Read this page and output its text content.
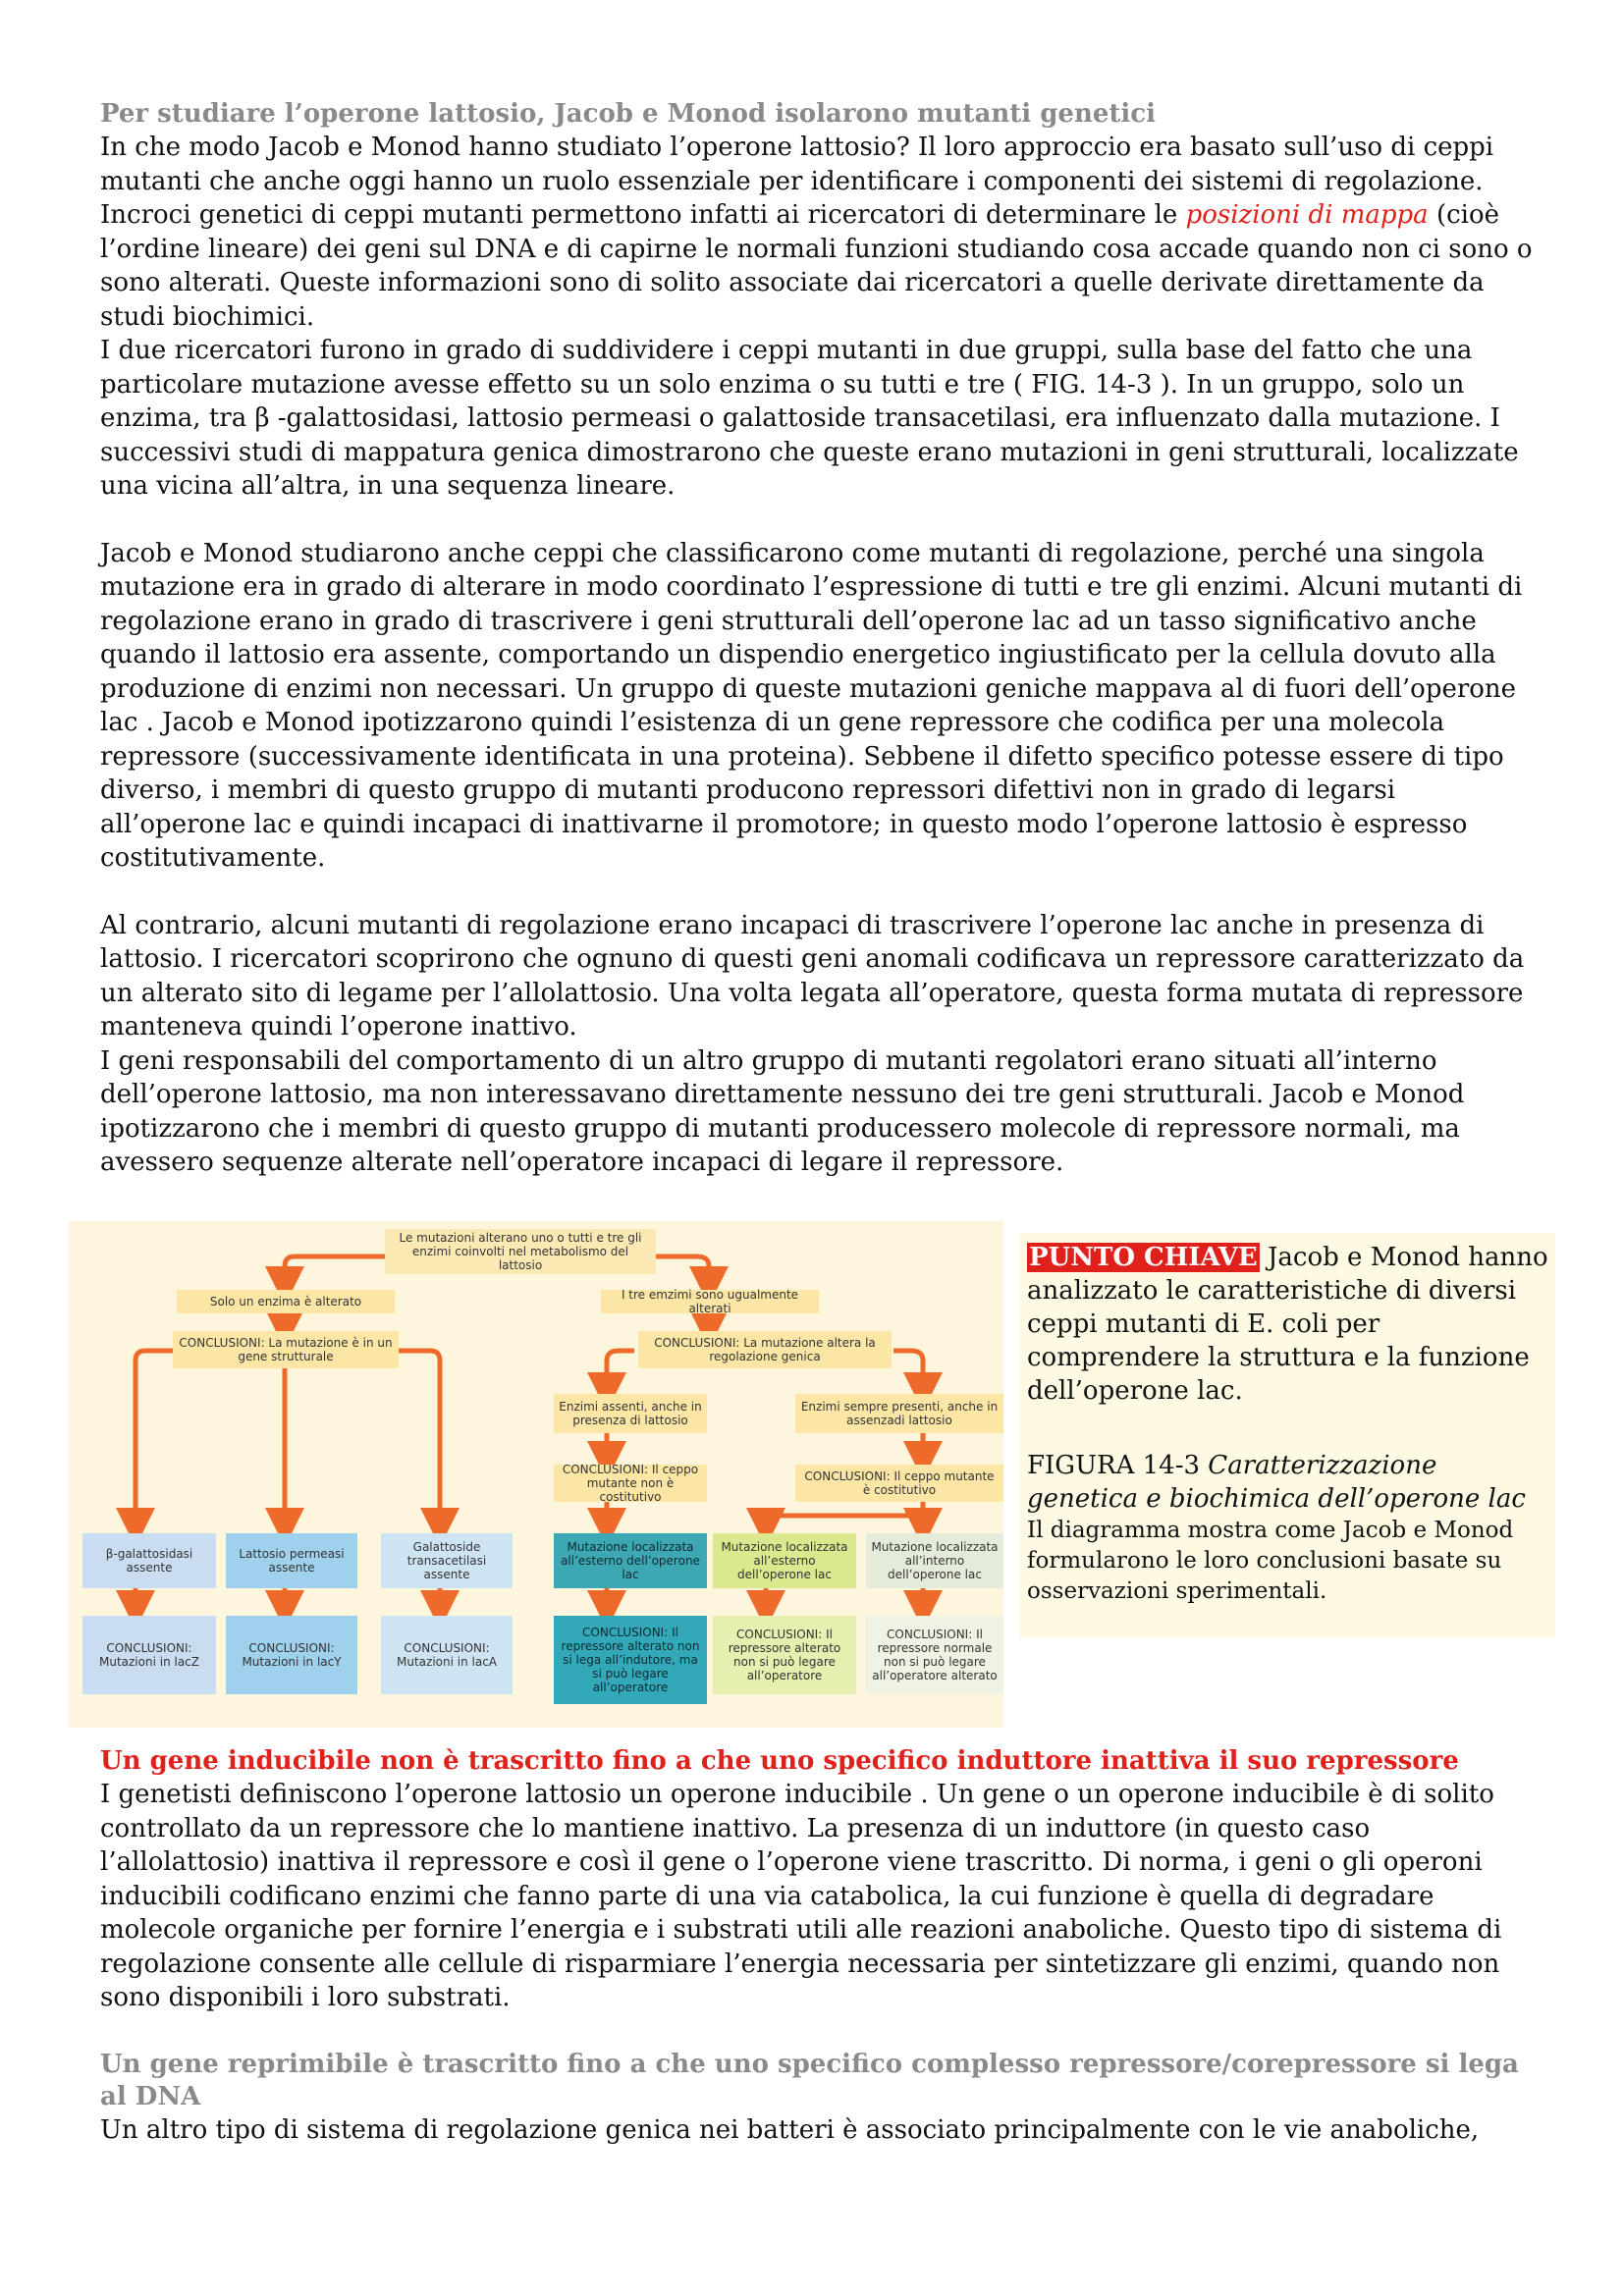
Per studiare l’operone lattosio, Jacob e Monod isolarono mutanti genetici

In che modo Jacob e Monod hanno studiato l’operone lattosio? Il loro approccio era basato sull’uso di ceppi mutanti che anche oggi hanno un ruolo essenziale per identificare i componenti dei sistemi di regolazione. Incroci genetici di ceppi mutanti permettono infatti ai ricercatori di determinare le posizioni di mappa (cioè l’ordine lineare) dei geni sul DNA e di capirne le normali funzioni studiando cosa accade quando non ci sono o sono alterati. Queste informazioni sono di solito associate dai ricercatori a quelle derivate direttamente da studi biochimici.

I due ricercatori furono in grado di suddividere i ceppi mutanti in due gruppi, sulla base del fatto che una particolare mutazione avesse effetto su un solo enzima o su tutti e tre ( FIG. 14-3 ). In un gruppo, solo un enzima, tra β -galattosidasi, lattosio permeasi o galattoside transacetilasi, era influenzato dalla mutazione. I successivi studi di mappatura genica dimostrarono che queste erano mutazioni in geni strutturali, localizzate una vicina all’altra, in una sequenza lineare.

Jacob e Monod studiarono anche ceppi che classificarono come mutanti di regolazione, perché una singola mutazione era in grado di alterare in modo coordinato l’espressione di tutti e tre gli enzimi. Alcuni mutanti di regolazione erano in grado di trascrivere i geni strutturali dell’operone lac ad un tasso significativo anche quando il lattosio era assente, comportando un dispendio energetico ingiustificato per la cellula dovuto alla produzione di enzimi non necessari. Un gruppo di queste mutazioni geniche mappava al di fuori dell’operone lac . Jacob e Monod ipotizzarono quindi l’esistenza di un gene repressore che codifica per una molecola repressore (successivamente identificata in una proteina). Sebbene il difetto specifico potesse essere di tipo diverso, i membri di questo gruppo di mutanti producono repressori difettivi non in grado di legarsi all’operone lac e quindi incapaci di inattivarne il promotore; in questo modo l’operone lattosio è espresso costitutivamente.

Al contrario, alcuni mutanti di regolazione erano incapaci di trascrivere l’operone lac anche in presenza di lattosio. I ricercatori scoprirono che ognuno di questi geni anomali codificava un repressore caratterizzato da un alterato sito di legame per l’allolattosio. Una volta legata all’operatore, questa forma mutata di repressore manteneva quindi l’operone inattivo.

I geni responsabili del comportamento di un altro gruppo di mutanti regolatori erano situati all’interno dell’operone lattosio, ma non interessavano direttamente nessuno dei tre geni strutturali. Jacob e Monod ipotizzarono che i membri di questo gruppo di mutanti producessero molecole di repressore normali, ma avessero sequenze alterate nell’operatore incapaci di legare il repressore.

Le mutazioni alterano uno o tutti e tre gli enzimi coinvolti nel metabolismo del lattosio
Solo un enzima è alterato
CONCLUSIONI: La mutazione è in un gene strutturale
I tre emzimi sono ugualmente alterati
CONCLUSIONI: La mutazione altera la regolazione genica
Enzimi assenti, anche in presenza di lattosio
CONCLUSIONI: Il ceppo mutante non è costitutivo
Enzimi sempre presenti, anche in assenzadi lattosio
CONCLUSIONI: Il ceppo mutante è costitutivo
β-galattosidasi assente
Lattosio permeasi assente
Galattoside transacetilasi assente
Mutazione localizzata all’esterno dell’operone lac
Mutazione localizzata all’esterno dell’operone lac
Mutazione localizzata all’interno dell’operone lac
CONCLUSIONI: Mutazioni in lacZ
CONCLUSIONI: Mutazioni in lacY
CONCLUSIONI: Mutazioni in lacA
CONCLUSIONI: Il repressore alterato non si lega all’indutore, ma si può legare all’operatore
CONCLUSIONI: Il repressore alterato non si può legare all’operatore
CONCLUSIONI: Il repressore normale non si può legare all’operatore alterato

PUNTO CHIAVE Jacob e Monod hanno analizzato le caratteristiche di diversi ceppi mutanti di E. coli per comprendere la struttura e la funzione dell’operone lac.

FIGURA 14-3 Caratterizzazione genetica e biochimica dell’operone lac

Il diagramma mostra come Jacob e Monod formularono le loro conclusioni basate su osservazioni sperimentali.

Un gene inducibile non è trascritto fino a che uno specifico induttore inattiva il suo repressore

I genetisti definiscono l’operone lattosio un operone inducibile . Un gene o un operone inducibile è di solito controllato da un repressore che lo mantiene inattivo. La presenza di un induttore (in questo caso l’allolattosio) inattiva il repressore e così il gene o l’operone viene trascritto. Di norma, i geni o gli operoni inducibili codificano enzimi che fanno parte di una via catabolica, la cui funzione è quella di degradare molecole organiche per fornire l’energia e i substrati utili alle reazioni anaboliche. Questo tipo di sistema di regolazione consente alle cellule di risparmiare l’energia necessaria per sintetizzare gli enzimi, quando non sono disponibili i loro substrati.

Un gene reprimibile è trascritto fino a che uno specifico complesso repressore/corepressore si lega al DNA

Un altro tipo di sistema di regolazione genica nei batteri è associato principalmente con le vie anaboliche,
